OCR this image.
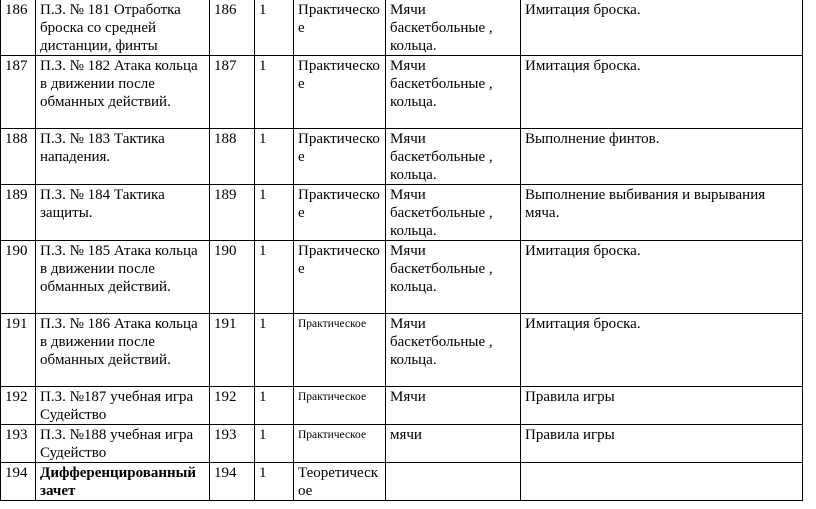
186	П.З. № 181 Отработка броска со средней дистанции, финты	186	1	Практическое	Мячи баскетбольные , кольца.	Имитация броска.
187	П.З. № 182 Атака кольца в движении после обманных действий.	187	1	Практическое	Мячи баскетбольные , кольца.	Имитация броска.
188	П.З. № 183 Тактика нападения.	188	1	Практическое	Мячи баскетбольные , кольца.	Выполнение финтов.
189	П.З. № 184 Тактика защиты.	189	1	Практическое	Мячи баскетбольные , кольца.	Выполнение выбивания и вырывания мяча.
190	П.З. № 185 Атака кольца в движении после обманных действий.	190	1	Практическое	Мячи баскетбольные , кольца.	Имитация броска.
191	П.З. № 186 Атака кольца в движении после обманных действий.	191	1	Практическое	Мячи баскетбольные , кольца.	Имитация броска.
192	П.З. №187 учебная игра Судейство	192	1	Практическое	Мячи	Правила игры
193	П.З. №188 учебная игра Судейство	193	1	Практическое	мячи	Правила игры
194	Дифференцированный зачет	194	1	Теоретическое		
